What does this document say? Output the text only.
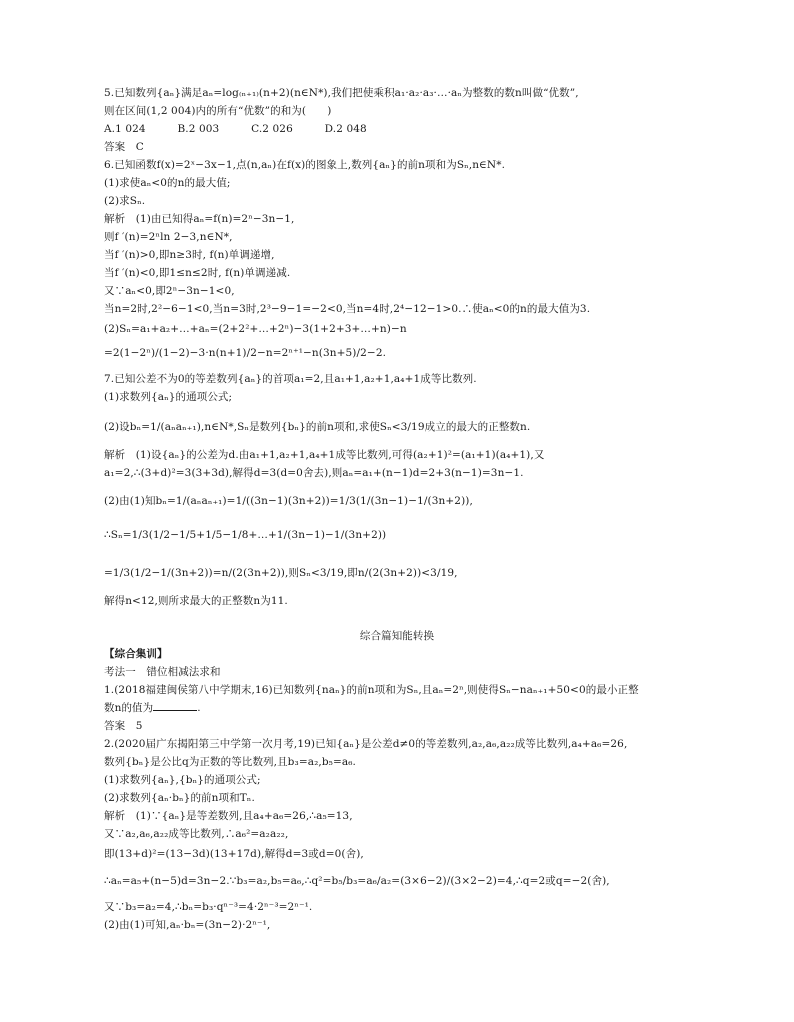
5.已知数列{aₙ}满足aₙ=log₍ₙ₊₁₎(n+2)(n∈N*),我们把使乘积a₁·a₂·a₃·…·aₙ为整数的数n叫做“优数”,
则在区间(1,2 004)内的所有“优数”的和为(　　)
A.1 024　　　B.2 003　　　C.2 026　　　D.2 048
答案　C
6.已知函数f(x)=2ˣ−3x−1,点(n,aₙ)在f(x)的图象上,数列{aₙ}的前n项和为Sₙ,n∈N*.
(1)求使aₙ<0的n的最大值;
(2)求Sₙ.
解析　(1)由已知得aₙ=f(n)=2ⁿ−3n−1,
则f ′(n)=2ⁿln 2−3,n∈N*,
当f ′(n)>0,即n≥3时, f(n)单调递增,
当f ′(n)<0,即1≤n≤2时, f(n)单调递减.
又∵aₙ<0,即2ⁿ−3n−1<0,
当n=2时,2²−6−1<0,当n=3时,2³−9−1=−2<0,当n=4时,2⁴−12−1>0.∴使aₙ<0的n的最大值为3.
(2)Sₙ=a₁+a₂+…+aₙ=(2+2²+…+2ⁿ)−3(1+2+3+…+n)−n
=2(1−2ⁿ)/(1−2)−3·n(n+1)/2−n=2ⁿ⁺¹−n(3n+5)/2−2.
7.已知公差不为0的等差数列{aₙ}的首项a₁=2,且a₁+1,a₂+1,a₄+1成等比数列.
(1)求数列{aₙ}的通项公式;
(2)设bₙ=1/(aₙaₙ₊₁),n∈N*,Sₙ是数列{bₙ}的前n项和,求使Sₙ<3/19成立的最大的正整数n.
解析　(1)设{aₙ}的公差为d.由a₁+1,a₂+1,a₄+1成等比数列,可得(a₂+1)²=(a₁+1)(a₄+1),又
a₁=2,∴(3+d)²=3(3+3d),解得d=3(d=0舍去),则aₙ=a₁+(n−1)d=2+3(n−1)=3n−1.
(2)由(1)知bₙ=1/(aₙaₙ₊₁)=1/((3n−1)(3n+2))=1/3(1/(3n−1)−1/(3n+2)),
∴Sₙ=1/3(1/2−1/5+1/5−1/8+…+1/(3n−1)−1/(3n+2))
=1/3(1/2−1/(3n+2))=n/(2(3n+2)),则Sₙ<3/19,即n/(2(3n+2))<3/19,
解得n<12,则所求最大的正整数n为11.
综合篇知能转换
【综合集训】
考法一　错位相减法求和
1.(2018福建闽侯第八中学期末,16)已知数列{naₙ}的前n项和为Sₙ,且aₙ=2ⁿ,则使得Sₙ−naₙ₊₁+50<0的最小正整
数n的值为	.
答案　5
2.(2020届广东揭阳第三中学第一次月考,19)已知{aₙ}是公差d≠0的等差数列,a₂,a₆,a₂₂成等比数列,a₄+a₆=26,
数列{bₙ}是公比q为正数的等比数列,且b₃=a₂,b₅=a₆.
(1)求数列{aₙ},{bₙ}的通项公式;
(2)求数列{aₙ·bₙ}的前n项和Tₙ.
解析　(1)∵{aₙ}是等差数列,且a₄+a₆=26,∴a₅=13,
又∵a₂,a₆,a₂₂成等比数列,∴a₆²=a₂a₂₂,
即(13+d)²=(13−3d)(13+17d),解得d=3或d=0(舍),
∴aₙ=a₅+(n−5)d=3n−2.∵b₃=a₂,b₅=a₆,∴q²=b₅/b₃=a₆/a₂=(3×6−2)/(3×2−2)=4,∴q=2或q=−2(舍),
又∵b₃=a₂=4,∴bₙ=b₃·qⁿ⁻³=4·2ⁿ⁻³=2ⁿ⁻¹.
(2)由(1)可知,aₙ·bₙ=(3n−2)·2ⁿ⁻¹,
